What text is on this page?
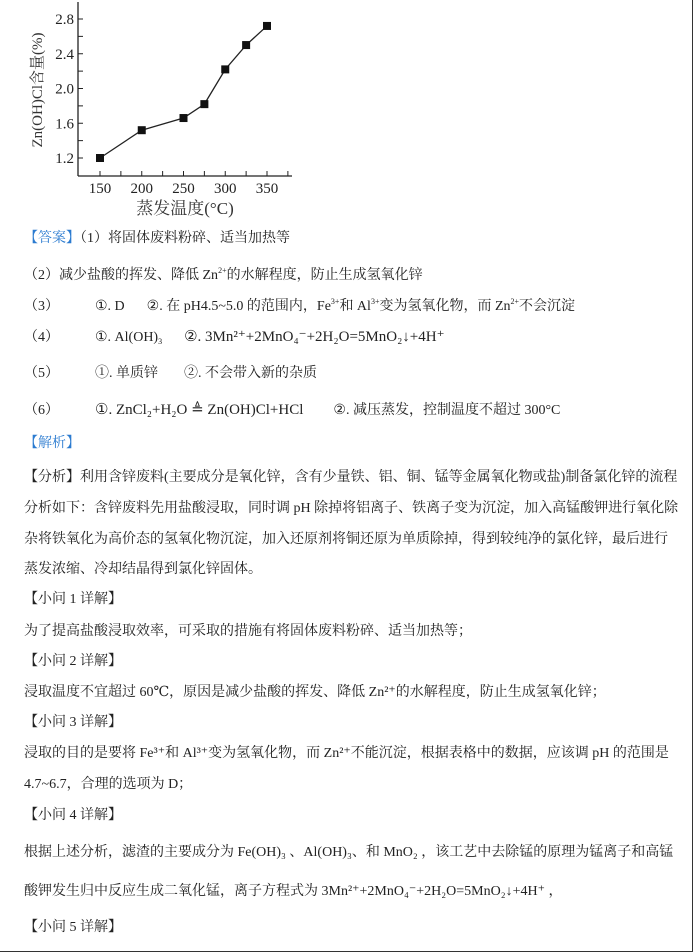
1.2
1.6
2.0
2.4
2.8
150 200 250 300 350
蒸发温度(°C)
Zn(OH)Cl含量(%)
【答案】（1）将固体废料粉碎、适当加热等
（2）减少盐酸的挥发、降低 $Zn^{2+}$的水解程度，防止生成氢氧化锌
（3）	①. D ②. 在 pH4.5~5.0 的范围内，$Fe^{3+}$和 $Al^{3+}$变为氢氧化物，而 $Zn^{2+}$不会沉淀
（4）	①. $Al(OH)_3$ ②. 3Mn²⁺+2MnO₄⁻+2H₂O=5MnO₂↓+4H⁺
（5）	①. 单质锌 ②. 不会带入新的杂质
（6） ①. ZnCl₂+H₂O ≜ Zn(OH)Cl+HCl ②. 减压蒸发，控制温度不超过 300°C
【解析】
【分析】利用含锌废料(主要成分是氧化锌，含有少量铁、铝、铜、锰等金属氧化物或盐)制备氯化锌的流程
分析如下：含锌废料先用盐酸浸取，同时调 pH 除掉将铝离子、铁离子变为沉淀，加入高锰酸钾进行氧化除
杂将铁氧化为高价态的氢氧化物沉淀，加入还原剂将铜还原为单质除掉，得到较纯净的氯化锌，最后进行
蒸发浓缩、冷却结晶得到氯化锌固体。
【小问 1 详解】
为了提高盐酸浸取效率，可采取的措施有将固体废料粉碎、适当加热等；
【小问 2 详解】
浸取温度不宜超过 60℃，原因是减少盐酸的挥发、降低 Zn²⁺的水解程度，防止生成氢氧化锌；
【小问 3 详解】
浸取的目的是要将 Fe³⁺和 Al³⁺变为氢氧化物，而 Zn²⁺不能沉淀，根据表格中的数据，应该调 pH 的范围是
4.7~6.7，合理的选项为 D；
【小问 4 详解】
根据上述分析，滤渣的主要成分为 Fe(OH)₃ 、Al(OH)₃、和 MnO₂ ，该工艺中去除锰的原理为锰离子和高锰
酸钾发生归中反应生成二氧化锰，离子方程式为 3Mn²⁺+2MnO₄⁻+2H₂O=5MnO₂↓+4H⁺ ，
【小问 5 详解】
